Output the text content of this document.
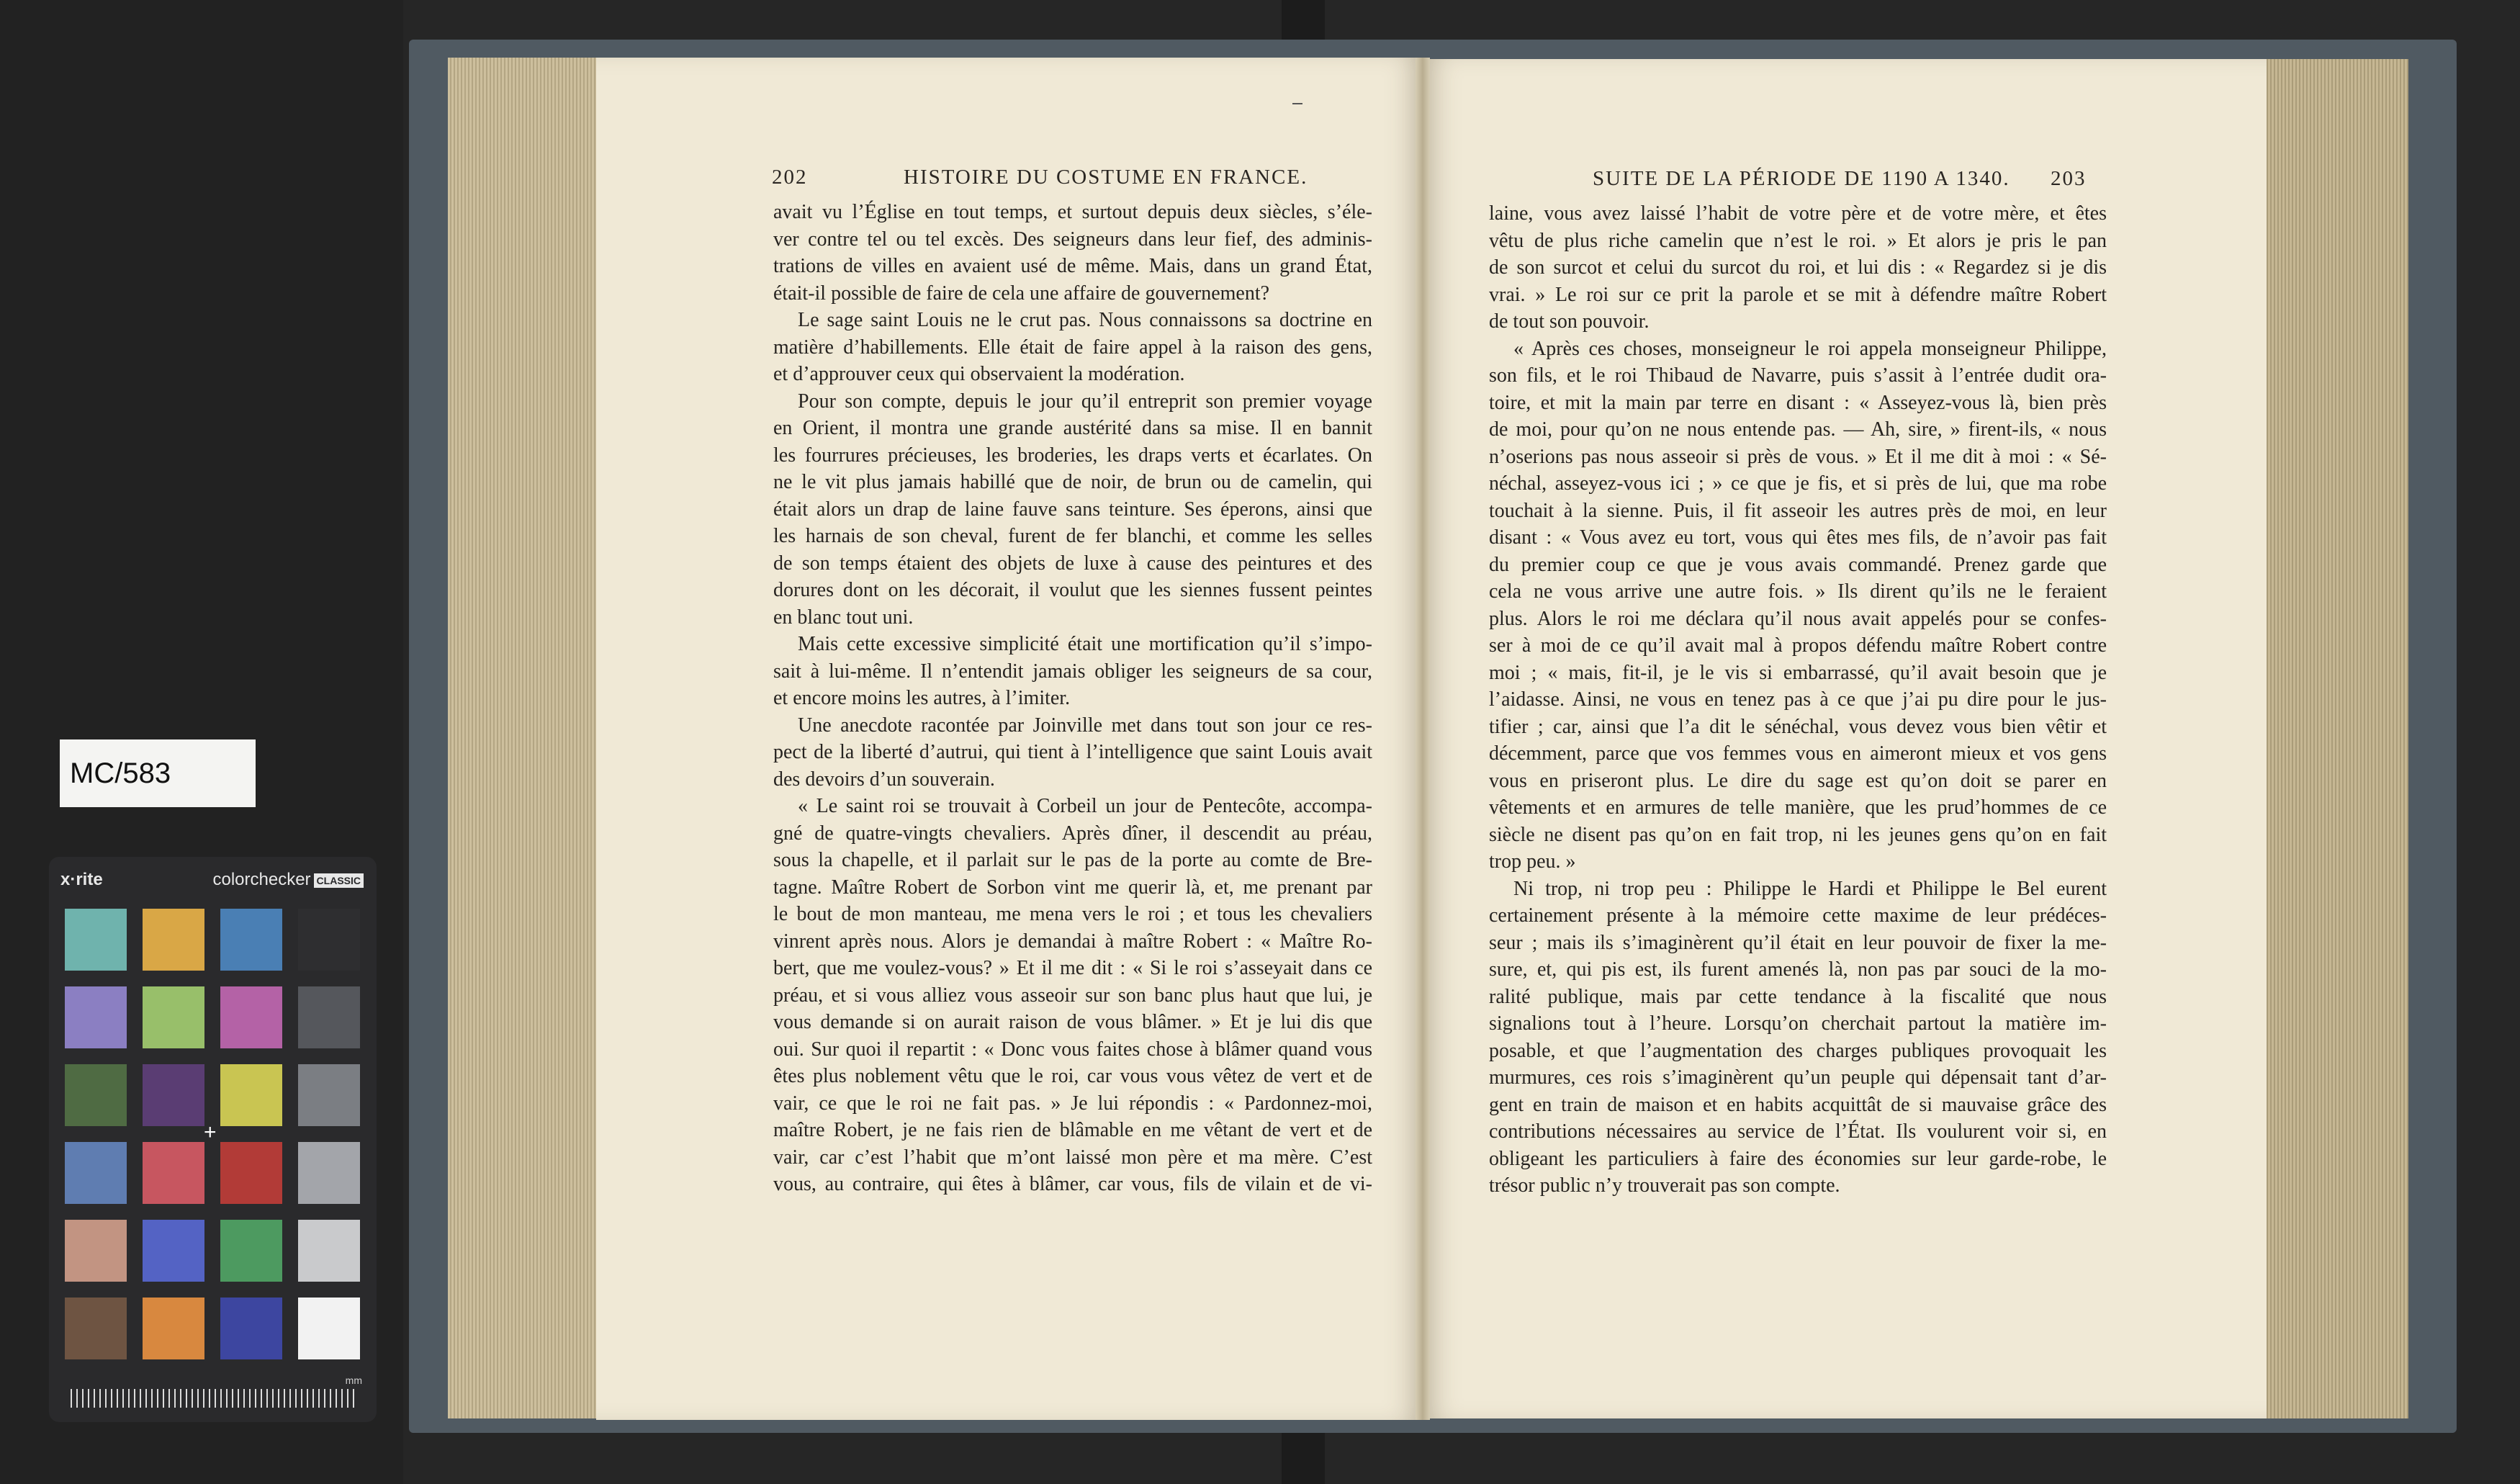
MC/583
x·rite	colorchecker CLASSIC
mm
+
202	HISTOIRE DU COSTUME EN FRANCE.
avait vu l’Église en tout temps, et surtout depuis deux siècles, s’éle-
ver contre tel ou tel excès. Des seigneurs dans leur fief, des adminis-
trations de villes en avaient usé de même. Mais, dans un grand État,
était-il possible de faire de cela une affaire de gouvernement?
Le sage saint Louis ne le crut pas. Nous connaissons sa doctrine en
matière d’habillements. Elle était de faire appel à la raison des gens,
et d’approuver ceux qui observaient la modération.
Pour son compte, depuis le jour qu’il entreprit son premier voyage
en Orient, il montra une grande austérité dans sa mise. Il en bannit
les fourrures précieuses, les broderies, les draps verts et écarlates. On
ne le vit plus jamais habillé que de noir, de brun ou de camelin, qui
était alors un drap de laine fauve sans teinture. Ses éperons, ainsi que
les harnais de son cheval, furent de fer blanchi, et comme les selles
de son temps étaient des objets de luxe à cause des peintures et des
dorures dont on les décorait, il voulut que les siennes fussent peintes
en blanc tout uni.
Mais cette excessive simplicité était une mortification qu’il s’impo-
sait à lui-même. Il n’entendit jamais obliger les seigneurs de sa cour,
et encore moins les autres, à l’imiter.
Une anecdote racontée par Joinville met dans tout son jour ce res-
pect de la liberté d’autrui, qui tient à l’intelligence que saint Louis avait
des devoirs d’un souverain.
« Le saint roi se trouvait à Corbeil un jour de Pentecôte, accompa-
gné de quatre-vingts chevaliers. Après dîner, il descendit au préau,
sous la chapelle, et il parlait sur le pas de la porte au comte de Bre-
tagne. Maître Robert de Sorbon vint me querir là, et, me prenant par
le bout de mon manteau, me mena vers le roi ; et tous les chevaliers
vinrent après nous. Alors je demandai à maître Robert : « Maître Ro-
bert, que me voulez-vous? » Et il me dit : « Si le roi s’asseyait dans ce
préau, et si vous alliez vous asseoir sur son banc plus haut que lui, je
vous demande si on aurait raison de vous blâmer. » Et je lui dis que
oui. Sur quoi il repartit : « Donc vous faites chose à blâmer quand vous
êtes plus noblement vêtu que le roi, car vous vous vêtez de vert et de
vair, ce que le roi ne fait pas. » Je lui répondis : « Pardonnez-moi,
maître Robert, je ne fais rien de blâmable en me vêtant de vert et de
vair, car c’est l’habit que m’ont laissé mon père et ma mère. C’est
vous, au contraire, qui êtes à blâmer, car vous, fils de vilain et de vi-
SUITE DE LA PÉRIODE DE 1190 A 1340. 203
laine, vous avez laissé l’habit de votre père et de votre mère, et êtes
vêtu de plus riche camelin que n’est le roi. » Et alors je pris le pan
de son surcot et celui du surcot du roi, et lui dis : « Regardez si je dis
vrai. » Le roi sur ce prit la parole et se mit à défendre maître Robert
de tout son pouvoir.
« Après ces choses, monseigneur le roi appela monseigneur Philippe,
son fils, et le roi Thibaud de Navarre, puis s’assit à l’entrée dudit ora-
toire, et mit la main par terre en disant : « Asseyez-vous là, bien près
de moi, pour qu’on ne nous entende pas. — Ah, sire, » firent-ils, « nous
n’oserions pas nous asseoir si près de vous. » Et il me dit à moi : « Sé-
néchal, asseyez-vous ici ; » ce que je fis, et si près de lui, que ma robe
touchait à la sienne. Puis, il fit asseoir les autres près de moi, en leur
disant : « Vous avez eu tort, vous qui êtes mes fils, de n’avoir pas fait
du premier coup ce que je vous avais commandé. Prenez garde que
cela ne vous arrive une autre fois. » Ils dirent qu’ils ne le feraient
plus. Alors le roi me déclara qu’il nous avait appelés pour se confes-
ser à moi de ce qu’il avait mal à propos défendu maître Robert contre
moi ; « mais, fit-il, je le vis si embarrassé, qu’il avait besoin que je
l’aidasse. Ainsi, ne vous en tenez pas à ce que j’ai pu dire pour le jus-
tifier ; car, ainsi que l’a dit le sénéchal, vous devez vous bien vêtir et
décemment, parce que vos femmes vous en aimeront mieux et vos gens
vous en priseront plus. Le dire du sage est qu’on doit se parer en
vêtements et en armures de telle manière, que les prud’hommes de ce
siècle ne disent pas qu’on en fait trop, ni les jeunes gens qu’on en fait
trop peu. »
Ni trop, ni trop peu : Philippe le Hardi et Philippe le Bel eurent
certainement présente à la mémoire cette maxime de leur prédéces-
seur ; mais ils s’imaginèrent qu’il était en leur pouvoir de fixer la me-
sure, et, qui pis est, ils furent amenés là, non pas par souci de la mo-
ralité publique, mais par cette tendance à la fiscalité que nous
signalions tout à l’heure. Lorsqu’on cherchait partout la matière im-
posable, et que l’augmentation des charges publiques provoquait les
murmures, ces rois s’imaginèrent qu’un peuple qui dépensait tant d’ar-
gent en train de maison et en habits acquittât de si mauvaise grâce des
contributions nécessaires au service de l’État. Ils voulurent voir si, en
obligeant les particuliers à faire des économies sur leur garde-robe, le
trésor public n’y trouverait pas son compte.
